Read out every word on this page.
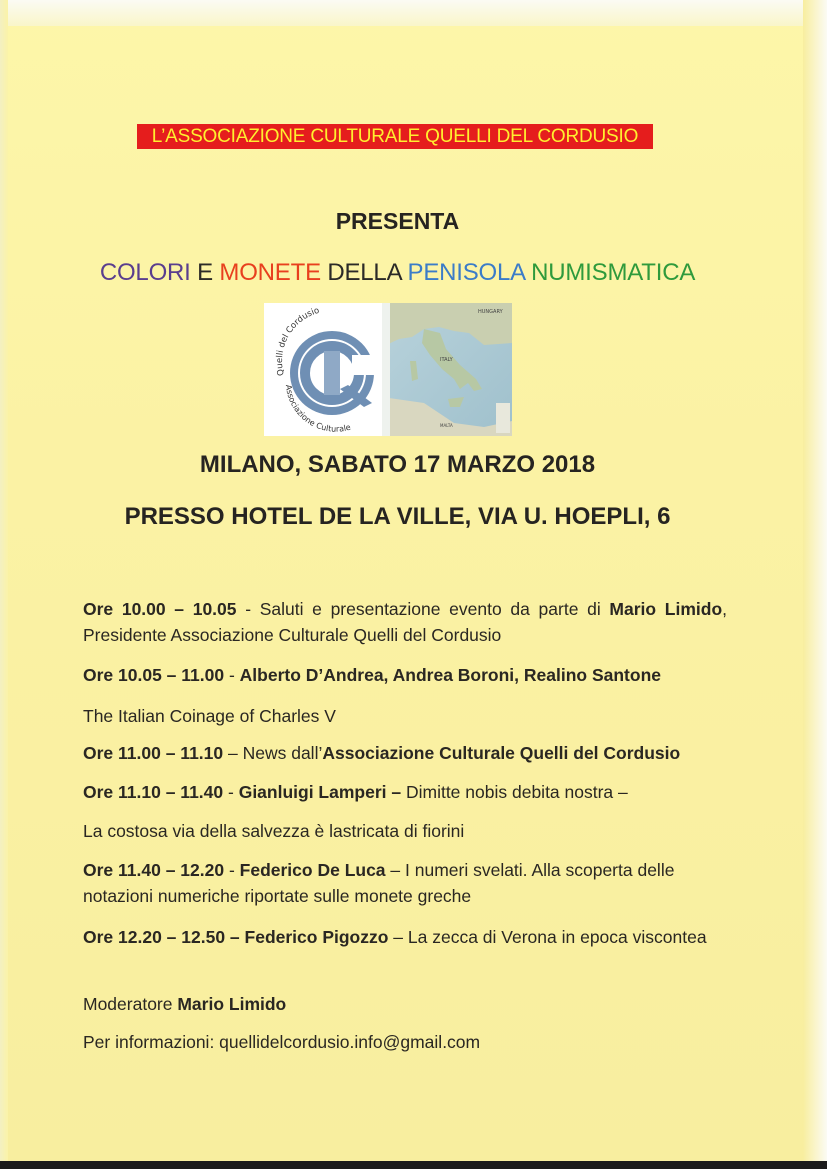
L’ASSOCIAZIONE CULTURALE QUELLI DEL CORDUSIO
PRESENTA
COLORI E MONETE DELLA PENISOLA NUMISMATICA
Quelli del Cordusio
Associazione Culturale
ITALY
HUNGARY
MALTA
MILANO, SABATO 17 MARZO 2018
PRESSO HOTEL DE LA VILLE, VIA U. HOEPLI, 6
Ore 10.00 – 10.05 - Saluti e presentazione evento da parte di Mario Limido, Presidente Associazione Culturale Quelli del Cordusio
Ore 10.05 – 11.00 - Alberto D’Andrea, Andrea Boroni, Realino Santone
The Italian Coinage of Charles V
Ore 11.00 – 11.10 – News dall’Associazione Culturale Quelli del Cordusio
Ore 11.10 – 11.40 - Gianluigi Lamperi – Dimitte nobis debita nostra –
La costosa via della salvezza è lastricata di fiorini
Ore 11.40 – 12.20 - Federico De Luca – I numeri svelati. Alla scoperta delle notazioni numeriche riportate sulle monete greche
Ore 12.20 – 12.50 – Federico Pigozzo – La zecca di Verona in epoca viscontea
Moderatore Mario Limido
Per informazioni: quellidelcordusio.info@gmail.com
